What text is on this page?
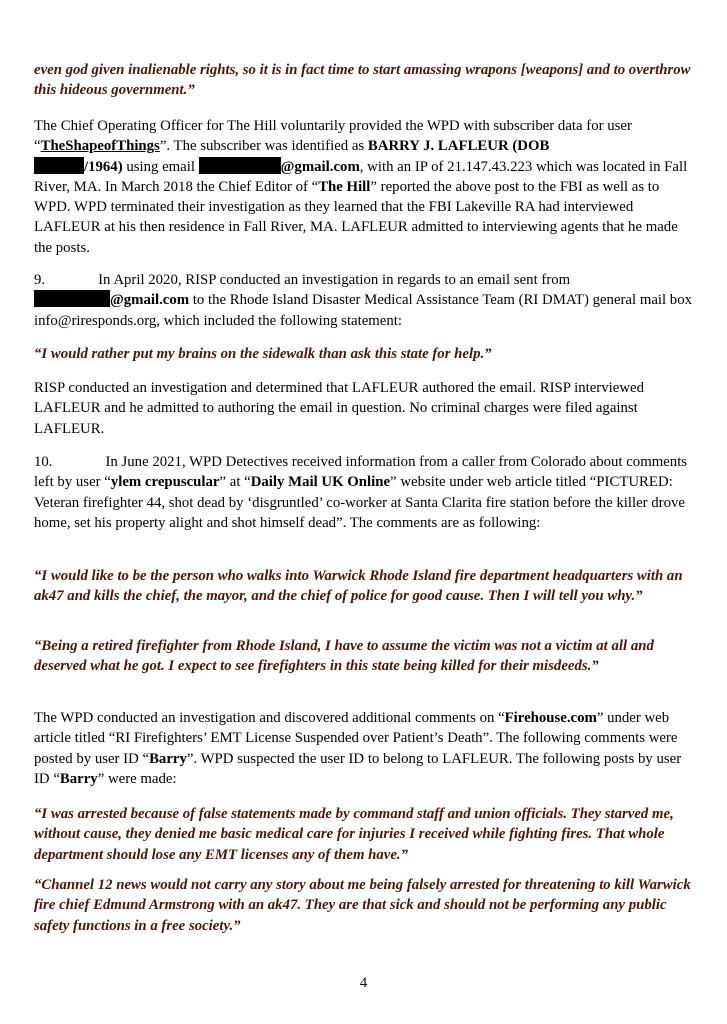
even god given inalienable rights, so it is in fact time to start amassing wrapons [weapons] and to overthrow this hideous government.”

The Chief Operating Officer for The Hill voluntarily provided the WPD with subscriber data for user “TheShapeofThings”. The subscriber was identified as BARRY J. LAFLEUR (DOB
/1964) using email	@gmail.com, with an IP of 21.147.43.223 which was located in Fall River, MA. In March 2018 the Chief Editor of “The Hill” reported the above post to the FBI as well as to WPD. WPD terminated their investigation as they learned that the FBI Lakeville RA had interviewed LAFLEUR at his then residence in Fall River, MA. LAFLEUR admitted to interviewing agents that he made the posts.

9.	In April 2020, RISP conducted an investigation in regards to an email sent from
@gmail.com to the Rhode Island Disaster Medical Assistance Team (RI DMAT) general mail box info@riresponds.org, which included the following statement:

“I would rather put my brains on the sidewalk than ask this state for help.”

RISP conducted an investigation and determined that LAFLEUR authored the email. RISP interviewed LAFLEUR and he admitted to authoring the email in question. No criminal charges were filed against LAFLEUR.

10.	In June 2021, WPD Detectives received information from a caller from Colorado about comments left by user “ylem crepuscular” at “Daily Mail UK Online” website under web article titled “PICTURED: Veteran firefighter 44, shot dead by ‘disgruntled’ co-worker at Santa Clarita fire station before the killer drove home, set his property alight and shot himself dead”. The comments are as following:

“I would like to be the person who walks into Warwick Rhode Island fire department headquarters with an ak47 and kills the chief, the mayor, and the chief of police for good cause. Then I will tell you why.”

“Being a retired firefighter from Rhode Island, I have to assume the victim was not a victim at all and deserved what he got. I expect to see firefighters in this state being killed for their misdeeds.”

The WPD conducted an investigation and discovered additional comments on “Firehouse.com” under web article titled “RI Firefighters’ EMT License Suspended over Patient’s Death”. The following comments were posted by user ID “Barry”. WPD suspected the user ID to belong to LAFLEUR. The following posts by user ID “Barry” were made:

“I was arrested because of false statements made by command staff and union officials. They starved me, without cause, they denied me basic medical care for injuries I received while fighting fires. That whole department should lose any EMT licenses any of them have.”

“Channel 12 news would not carry any story about me being falsely arrested for threatening to kill Warwick fire chief Edmund Armstrong with an ak47. They are that sick and should not be performing any public safety functions in a free society.”

4
